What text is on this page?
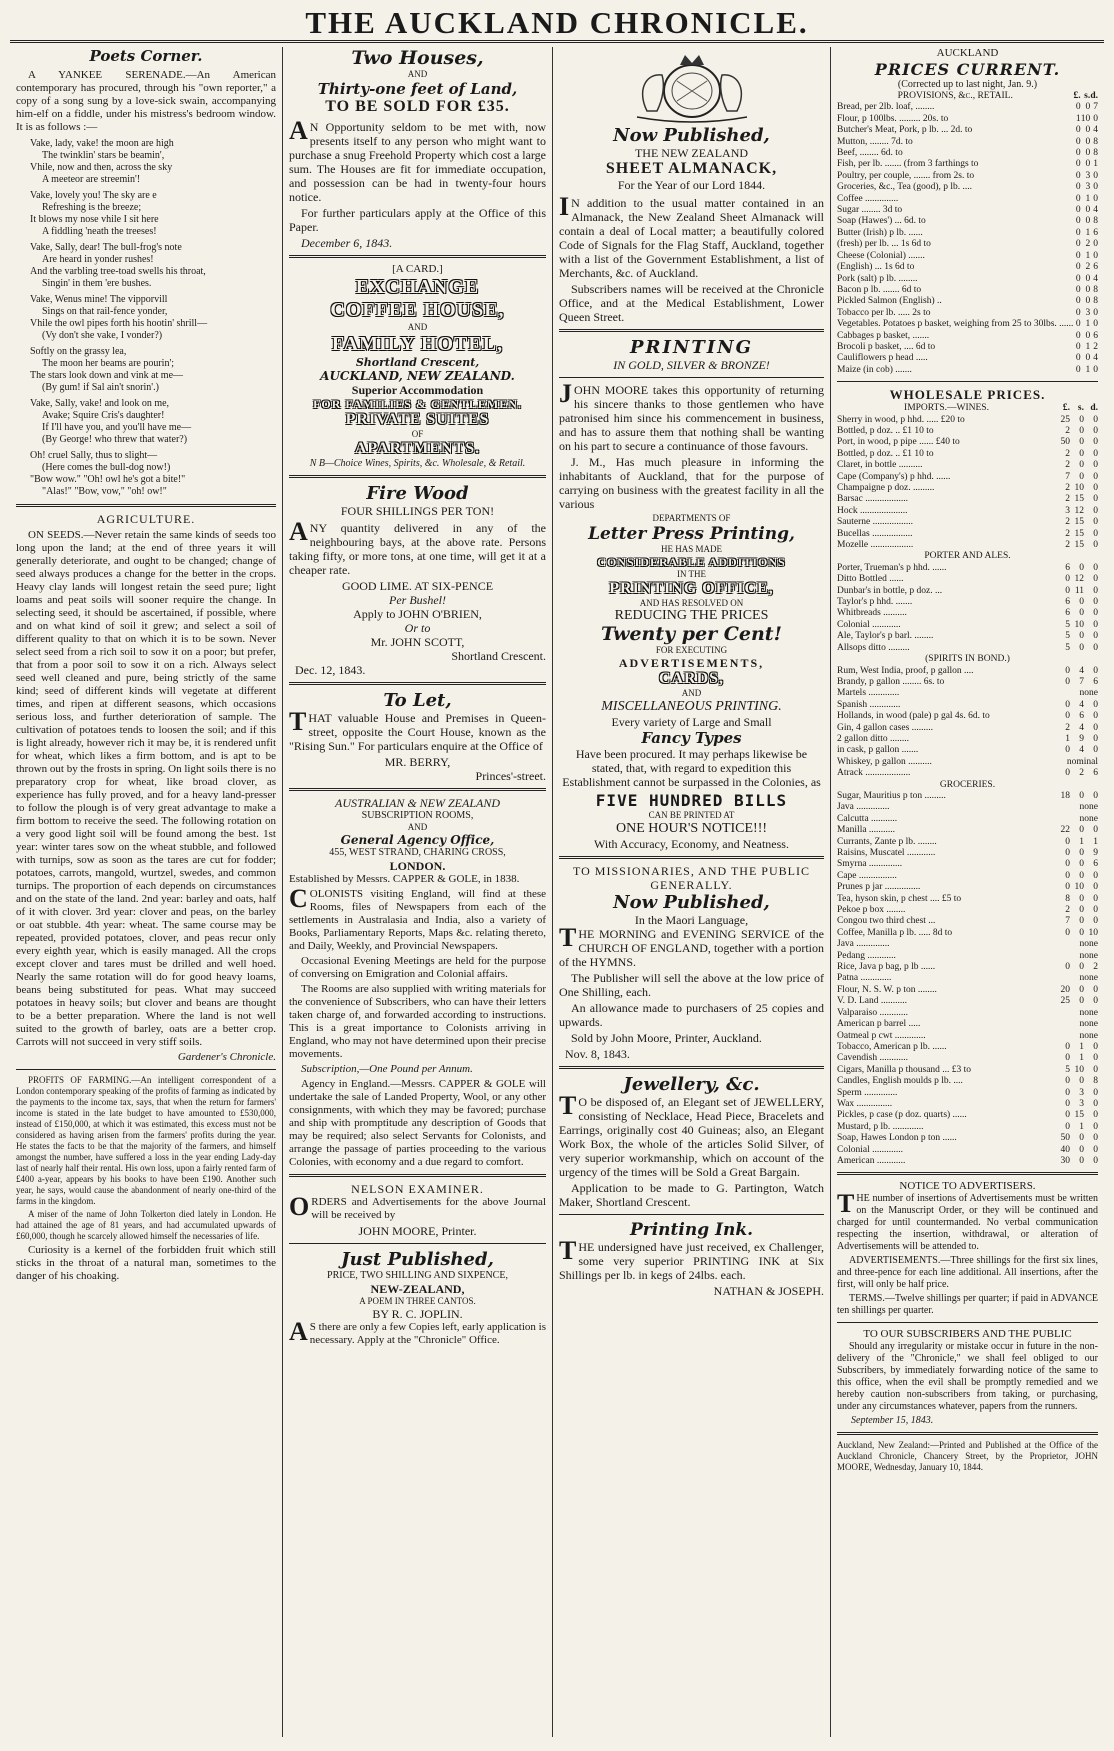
THE AUCKLAND CHRONICLE.
Poets Corner.

A YANKEE SERENADE.—An American contemporary has procured, through his "own reporter," a copy of a song sung by a love-sick swain, accompanying him-elf on a fiddle, under his mistress's bedroom window. It is as follows :—

Vake, lady, vake! the moon are high
The twinklin' stars be beamin',
Vhile, now and then, across the sky
A meeteor are streemin'!
Vake, lovely you! The sky are e
Refreshing is the breeze;
It blows my nose vhile I sit here
A fiddling 'neath the treeses!
Vake, Sally, dear! The bull-frog's note
Are heard in yonder rushes!
And the varbling tree-toad swells his throat,
Singin' in them 'ere bushes.
Vake, Wenus mine! The vipporvill
Sings on that rail-fence yonder,
Vhile the owl pipes forth his hootin' shrill—
(Vy don't she vake, I vonder?)
Softly on the grassy lea,
The moon her beams are pourin';
The stars look down and vink at me—
(By gum! if Sal ain't snorin'.)
Vake, Sally, vake! and look on me,
Avake; Squire Cris's daughter!
If I'll have you, and you'll have me—
(By George! who threw that water?)
Oh! cruel Sally, thus to slight—
(Here comes the bull-dog now!)
"Bow wow." "Oh! owl he's got a bite!"
"Alas!" "Bow, vow," "oh! ow!"
AGRICULTURE.

ON SEEDS.—Never retain the same kinds of seeds too long upon the land; at the end of three years it will generally deteriorate, and ought to be changed; change of seed always produces a change for the better in the crops. Heavy clay lands will longest retain the seed pure; light loams and peat soils will sooner require the change. In selecting seed, it should be ascertained, if possible, where and on what kind of soil it grew; and select a soil of different quality to that on which it is to be sown. Never select seed from a rich soil to sow it on a poor; but prefer, that from a poor soil to sow it on a rich. Always select seed well cleaned and pure, being strictly of the same kind; seed of different kinds will vegetate at different times, and ripen at different seasons, which occasions serious loss, and further deterioration of sample. The cultivation of potatoes tends to loosen the soil; and if this is light already, however rich it may be, it is rendered unfit for wheat, which likes a firm bottom, and is apt to be thrown out by the frosts in spring. On light soils there is no preparatory crop for wheat, like broad clover, as experience has fully proved, and for a heavy land-presser to follow the plough is of very great advantage to make a firm bottom to receive the seed. The following rotation on a very good light soil will be found among the best. 1st year: winter tares sow on the wheat stubble, and followed with turnips, sow as soon as the tares are cut for fodder; potatoes, carrots, mangold, wurtzel, swedes, and common turnips. The proportion of each depends on circumstances and on the state of the land. 2nd year: barley and oats, half of it with clover. 3rd year: clover and peas, on the barley or oat stubble. 4th year: wheat. The same course may be repeated, provided potatoes, clover, and peas recur only every eighth year, which is easily managed. All the crops except clover and tares must be drilled and well hoed. Nearly the same rotation will do for good heavy loams, beans being substituted for peas. What may succeed potatoes in heavy soils; but clover and beans are thought to be a better preparation. Where the land is not well suited to the growth of barley, oats are a better crop. Carrots will not succeed in very stiff soils.

Gardener's Chronicle.

PROFITS OF FARMING.—An intelligent correspondent of a London contemporary speaking of the profits of farming as indicated by the payments to the income tax, says, that when the return for farmers' income is stated in the late budget to have amounted to £530,000, instead of £150,000, at which it was estimated, this excess must not be considered as having arisen from the farmers' profits during the year. He states the facts to be that the majority of the farmers, and himself amongst the number, have suffered a loss in the year ending Lady-day last of nearly half their rental. His own loss, upon a fairly rented farm of £400 a-year, appears by his books to have been £190. Another such year, he says, would cause the abandonment of nearly one-third of the farms in the kingdom.

A miser of the name of John Tolkerton died lately in London. He had attained the age of 81 years, and had accumulated upwards of £60,000, though he scarcely allowed himself the necessaries of life.

Curiosity is a kernel of the forbidden fruit which still sticks in the throat of a natural man, sometimes to the danger of his choaking.

Two Houses,
AND
Thirty-one feet of Land,
TO BE SOLD FOR £35.

AN Opportunity seldom to be met with, now presents itself to any person who might want to purchase a snug Freehold Property which cost a large sum. The Houses are fit for immediate occupation, and possession can be had in twenty-four hours notice.

For further particulars apply at the Office of this Paper.

December 6, 1843.
[A CARD.]
EXCHANGE
COFFEE HOUSE,
AND
FAMILY HOTEL,
Shortland Crescent,
AUCKLAND, NEW ZEALAND.
Superior Accommodation
FOR FAMILIES & GENTLEMEN.
PRIVATE SUITES
OF
APARTMENTS.
N B—Choice Wines, Spirits, &c. Wholesale, & Retail.
Fire Wood
FOUR SHILLINGS PER TON!

ANY quantity delivered in any of the neighbouring bays, at the above rate. Persons taking fifty, or more tons, at one time, will get it at a cheaper rate.

GOOD LIME. AT SIX-PENCE
Per Bushel!
Apply to JOHN O'BRIEN,
Or to
Mr. JOHN SCOTT,
Shortland Crescent.
Dec. 12, 1843.
To Let,

THAT valuable House and Premises in Queen-street, opposite the Court House, known as the "Rising Sun." For particulars enquire at the Office of

MR. BERRY,
Princes'-street.
AUSTRALIAN & NEW ZEALAND
SUBSCRIPTION ROOMS,
AND
General Agency Office,
455, WEST STRAND, CHARING CROSS,
LONDON.

Established by Messrs. CAPPER & GOLE, in 1838.

COLONISTS visiting England, will find at these Rooms, files of Newspapers from each of the settlements in Australasia and India, also a variety of Books, Parliamentary Reports, Maps &c. relating thereto, and Daily, Weekly, and Provincial Newspapers.

Occasional Evening Meetings are held for the purpose of conversing on Emigration and Colonial affairs.

The Rooms are also supplied with writing materials for the convenience of Subscribers, who can have their letters taken charge of, and forwarded according to instructions. This is a great importance to Colonists arriving in England, who may not have determined upon their precise movements.

Subscription,—One Pound per Annum.

Agency in England.—Messrs. CAPPER & GOLE will undertake the sale of Landed Property, Wool, or any other consignments, with which they may be favored; purchase and ship with promptitude any description of Goods that may be required; also select Servants for Colonists, and arrange the passage of parties proceeding to the various Colonies, with economy and a due regard to comfort.

NELSON EXAMINER.

ORDERS and Advertisements for the above Journal will be received by

JOHN MOORE, Printer.
Just Published,
PRICE, TWO SHILLING AND SIXPENCE,
NEW-ZEALAND,
A POEM IN THREE CANTOS.
BY R. C. JOPLIN.

AS there are only a few Copies left, early application is necessary. Apply at the "Chronicle" Office.

Now Published,
THE NEW ZEALAND
SHEET ALMANACK,
For the Year of our Lord 1844.

IN addition to the usual matter contained in an Almanack, the New Zealand Sheet Almanack will contain a deal of Local matter; a beautifully colored Code of Signals for the Flag Staff, Auckland, together with a list of the Government Establishment, a list of Merchants, &c. of Auckland.

Subscribers names will be received at the Chronicle Office, and at the Medical Establishment, Lower Queen Street.

PRINTING
IN GOLD, SILVER & BRONZE!

JOHN MOORE takes this opportunity of returning his sincere thanks to those gentlemen who have patronised him since his commencement in business, and has to assure them that nothing shall be wanting on his part to secure a continuance of those favours.

J. M., Has much pleasure in informing the inhabitants of Auckland, that for the purpose of carrying on business with the greatest facility in all the various

DEPARTMENTS OF
Letter Press Printing,
HE HAS MADE
CONSIDERABLE ADDITIONS
IN THE
PRINTING OFFICE,
AND HAS RESOLVED ON
REDUCING THE PRICES
Twenty per Cent!
FOR EXECUTING
ADVERTISEMENTS,
CARDS,
AND
MISCELLANEOUS PRINTING.
Every variety of Large and Small
Fancy Types

Have been procured. It may perhaps likewise be stated, that, with regard to expedition this Establishment cannot be surpassed in the Colonies, as

FIVE HUNDRED BILLS
CAN BE PRINTED AT
ONE HOUR'S NOTICE!!!
With Accuracy, Economy, and Neatness.
TO MISSIONARIES, AND THE PUBLIC GENERALLY.
Now Published,
In the Maori Language,

THE MORNING and EVENING SERVICE of the CHURCH OF ENGLAND, together with a portion of the HYMNS.

The Publisher will sell the above at the low price of One Shilling, each.

An allowance made to purchasers of 25 copies and upwards.

Sold by John Moore, Printer, Auckland.

Nov. 8, 1843.
Jewellery, &c.

TO be disposed of, an Elegant set of JEWELLERY, consisting of Necklace, Head Piece, Bracelets and Earrings, originally cost 40 Guineas; also, an Elegant Work Box, the whole of the articles Solid Silver, of very superior workmanship, which on account of the urgency of the times will be Sold a Great Bargain.

Application to be made to G. Partington, Watch Maker, Shortland Crescent.

Printing Ink.

THE undersigned have just received, ex Challenger, some very superior PRINTING INK at Six Shillings per lb. in kegs of 24lbs. each.

NATHAN & JOSEPH.
AUCKLAND
PRICES CURRENT.
(Corrected up to last night, Jan. 9.)
PROVISIONS, &c., RETAIL.	£.	s.	d.
Bread, per 2lb. loaf, ........	0	0	7
Flour, p 100lbs. ......... 20s. to	1	10	0
Butcher's Meat, Pork, p lb. ... 2d. to	0	0	4
Mutton, ........ 7d. to	0	0	8
Beef, ........ 6d. to	0	0	8
Fish, per lb. ....... (from 3 farthings to	0	0	1
Poultry, per couple, ....... from 2s. to	0	3	0
Groceries, &c., Tea (good), p lb. ....	0	3	0
Coffee ..............	0	1	0
Sugar ........ 3d to	0	0	4
Soap (Hawes') ... 6d. to	0	0	8
Butter (Irish) p lb. ......	0	1	6
(fresh) per lb. ... 1s 6d to	0	2	0
Cheese (Colonial) .......	0	1	0
(English) ... 1s 6d to	0	2	6
Pork (salt) p lb. ........	0	0	4
Bacon p lb. ....... 6d to	0	0	8
Pickled Salmon (English) ..	0	0	8
Tobacco per lb. ..... 2s to	0	3	0
Vegetables. Potatoes p basket, weighing from 25 to 30lbs. ......	0	1	0
Cabbages p basket, .......	0	0	6
Brocoli p basket, .... 6d to	0	1	2
Cauliflowers p head .....	0	0	4
Maize (in cob) .......	0	1	0
WHOLESALE PRICES.
IMPORTS.—WINES.	£.	s.	d.
Sherry in wood, p hhd. ..... £20 to	25	0	0
Bottled, p doz. .. £1 10 to	2	0	0
Port, in wood, p pipe ...... £40 to	50	0	0
Bottled, p doz. .. £1 10 to	2	0	0
Claret, in bottle ..........	2	0	0
Cape (Company's) p hhd. ......	7	0	0
Champaigne p doz. .........	2	10	0
Barsac ..................	2	15	0
Hock ....................	3	12	0
Sauterne .................	2	15	0
Bucellas .................	2	15	0
Mozelle ..................	2	15	0
PORTER AND ALES.			
Porter, Trueman's p hhd. ......	6	0	0
Ditto Bottled ......	0	12	0
Dunbar's in bottle, p doz. ...	0	11	0
Taylor's p hhd. .......	6	0	0
Whitbreads ..........	6	0	0
Colonial ............	5	10	0
Ale, Taylor's p barl. ........	5	0	0
Allsops ditto .........	5	0	0
(SPIRITS IN BOND.)			
Rum, West India, proof, p gallon ....	0	4	0
Brandy, p gallon ........ 6s. to	0	7	6
Martels .............	none		
Spanish .............	0	4	0
Hollands, in wood (pale) p gal 4s. 6d. to	0	6	0
Gin, 4 gallon cases .........	2	4	0
2 gallon ditto ........	1	9	0
in cask, p gallon .......	0	4	0
Whiskey, p gallon ..........	nominal		
Atrack ...................	0	2	6
GROCERIES.			
Sugar, Mauritius p ton .........	18	0	0
Java ..............	none		
Calcutta ...........	none		
Manilla ...........	22	0	0
Currants, Zante p lb. ........	0	1	1
Raisins, Muscatel ............	0	0	9
Smyrna ..............	0	0	6
Cape ................	0	0	0
Prunes p jar ...............	0	10	0
Tea, hyson skin, p chest .... £5 to	8	0	0
Pekoe p box ........	2	0	0
Congou two third chest ...	7	0	0
Coffee, Manilla p lb. ..... 8d to	0	0	10
Java ..............	none		
Pedang ............	none		
Rice, Java p bag, p lb ......	0	0	2
Patna .............	none		
Flour, N. S. W. p ton ........	20	0	0
V. D. Land ...........	25	0	0
Valparaiso ............	none		
American p barrel .....	none		
Oatmeal p cwt .............	none		
Tobacco, American p lb. ......	0	1	0
Cavendish ............	0	1	0
Cigars, Manilla p thousand ... £3 to	5	10	0
Candles, English moulds p lb. ....	0	0	8
Sperm ..............	0	3	0
Wax ...............	0	3	0
Pickles, p case (p doz. quarts) ......	0	15	0
Mustard, p lb. .............	0	1	0
Soap, Hawes London p ton ......	50	0	0
Colonial .............	40	0	0
American ............	30	0	0
NOTICE TO ADVERTISERS.

THE number of insertions of Advertisements must be written on the Manuscript Order, or they will be continued and charged for until countermanded. No verbal communication respecting the insertion, withdrawal, or alteration of Advertisements will be attended to.

ADVERTISEMENTS.—Three shillings for the first six lines, and three-pence for each line additional. All insertions, after the first, will only be half price.

TERMS.—Twelve shillings per quarter; if paid in ADVANCE ten shillings per quarter.

TO OUR SUBSCRIBERS AND THE PUBLIC

Should any irregularity or mistake occur in future in the non-delivery of the "Chronicle," we shall feel obliged to our Subscribers, by immediately forwarding notice of the same to this office, when the evil shall be promptly remedied and we hereby caution non-subscribers from taking, or purchasing, under any circumstances whatever, papers from the runners.

September 15, 1843.

Auckland, New Zealand:—Printed and Published at the Office of the Auckland Chronicle, Chancery Street, by the Proprietor, JOHN MOORE, Wednesday, January 10, 1844.
